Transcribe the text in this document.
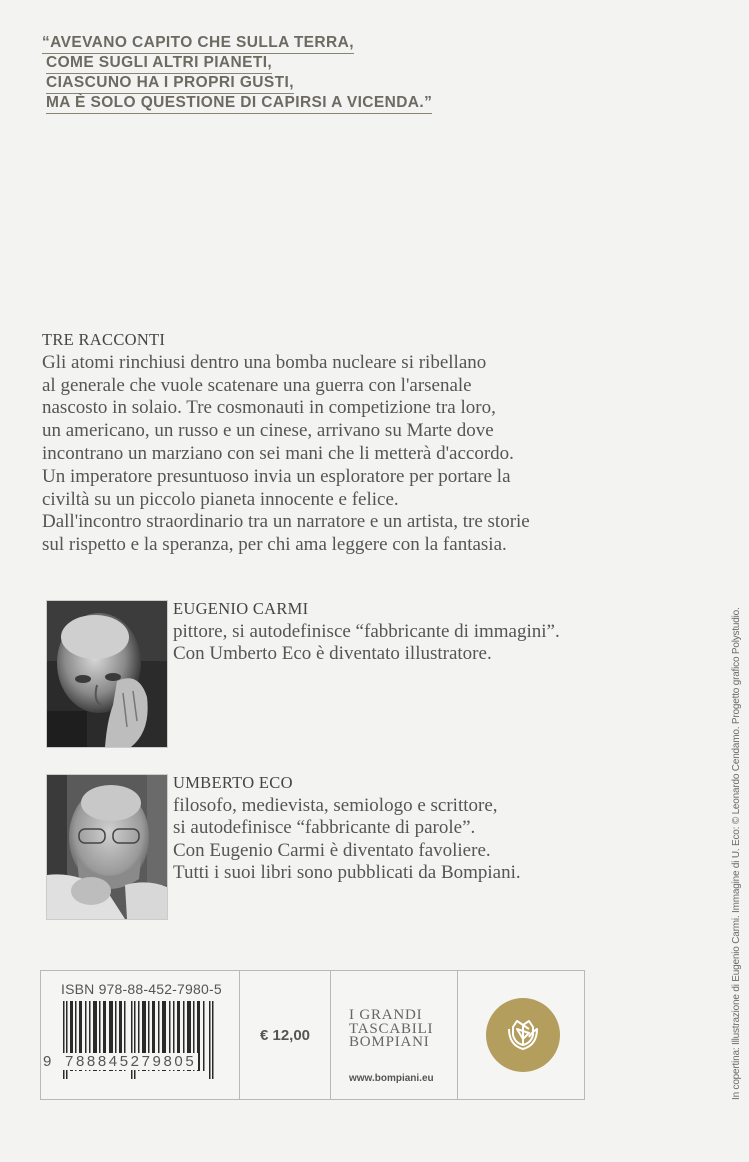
“AVEVANO CAPITO CHE SULLA TERRA,
COME SUGLI ALTRI PIANETI,
CIASCUNO HA I PROPRI GUSTI,
MA È SOLO QUESTIONE DI CAPIRSI A VICENDA.”
TRE RACCONTI

Gli atomi rinchiusi dentro una bomba nucleare si ribellano

al generale che vuole scatenare una guerra con l'arsenale

nascosto in solaio. Tre cosmonauti in competizione tra loro,

un americano, un russo e un cinese, arrivano su Marte dove

incontrano un marziano con sei mani che li metterà d'accordo.

Un imperatore presuntuoso invia un esploratore per portare la

civiltà su un piccolo pianeta innocente e felice.

Dall'incontro straordinario tra un narratore e un artista, tre storie

sul rispetto e la speranza, per chi ama leggere con la fantasia.

EUGENIO CARMI
pittore, si autodefinisce “fabbricante di immagini”.
Con Umberto Eco è diventato illustratore.
UMBERTO ECO
filosofo, medievista, semiologo e scrittore,
si autodefinisce “fabbricante di parole”.
Con Eugenio Carmi è diventato favoliere.
Tutti i suoi libri sono pubblicati da Bompiani.
ISBN 978-88-452-7980-5
9 788845279805
€ 12,00
I GRANDI
TASCABILI
BOMPIANI
www.bompiani.eu	In copertina: Illustrazione di Eugenio Carmi. Immagine di U. Eco: © Leonardo Cendamo. Progetto grafico Polystudio.
